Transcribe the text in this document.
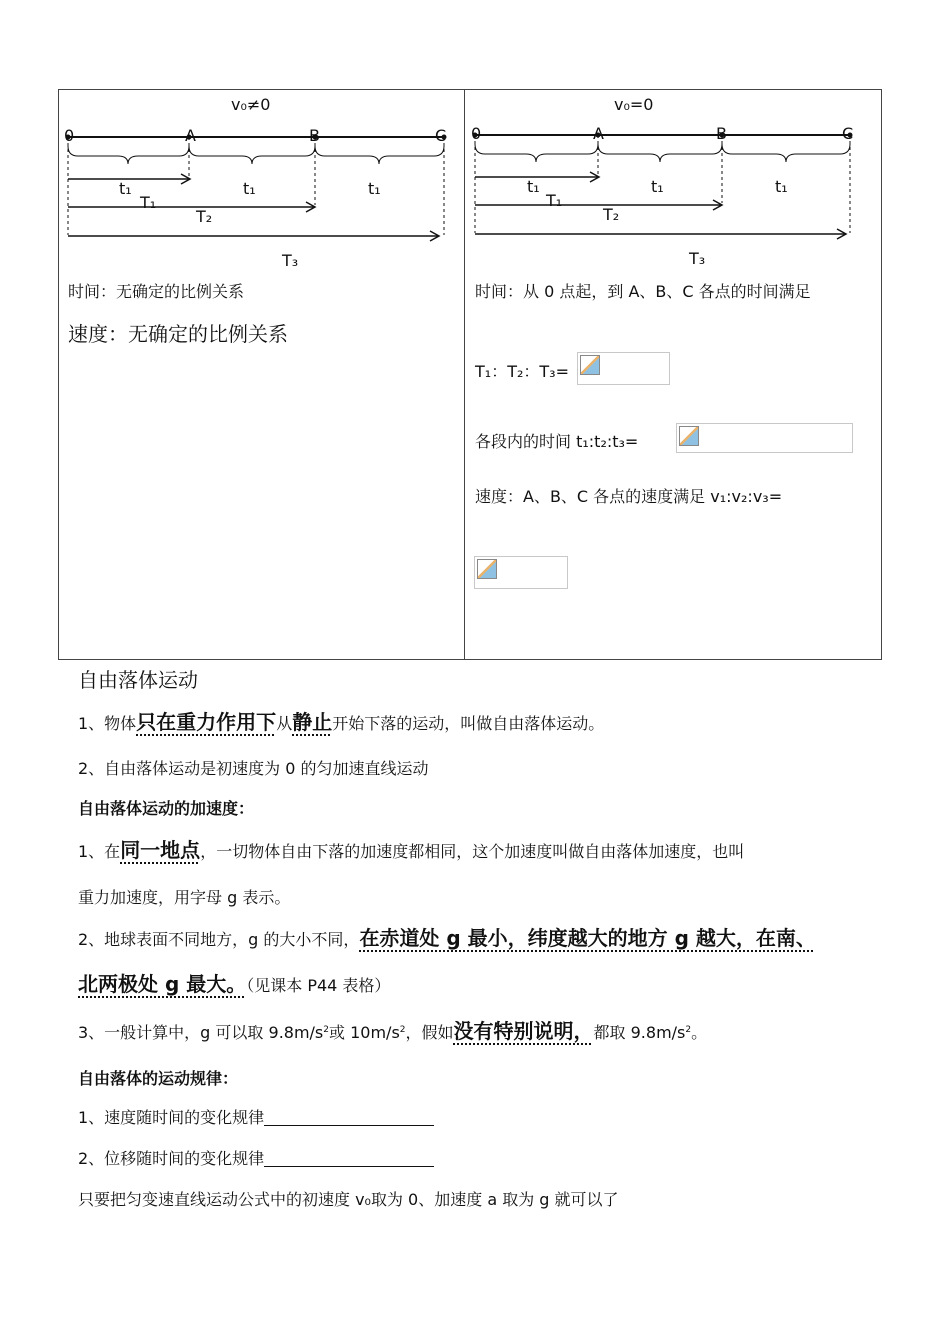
v₀≠0
0	A	B	C
t₁	t₁	t₁
T₁
T₂
T₃
时间：无确定的比例关系
速度：无确定的比例关系
v₀=0
0	A	B	C
t₁	t₁	t₁
T₁
T₂
T₃
时间：从 0 点起，到 A、B、C 各点的时间满足
T₁：T₂：T₃=
各段内的时间 t₁:t₂:t₃=
速度：A、B、C 各点的速度满足 v₁:v₂:v₃=
自由落体运动
1、物体只在重力作用下从静止开始下落的运动，叫做自由落体运动。
2、自由落体运动是初速度为 0 的匀加速直线运动
自由落体运动的加速度：
1、在同一地点，一切物体自由下落的加速度都相同，这个加速度叫做自由落体加速度，也叫
重力加速度，用字母 g 表示。
2、地球表面不同地方，g 的大小不同，在赤道处 g 最小，纬度越大的地方 g 越大，在南、
北两极处 g 最大。（见课本 P44 表格）
3、一般计算中，g 可以取 $9.8m/s^2$或 $10m/s^2$，假如没有特别说明，都取 $9.8m/s^2$。
自由落体的运动规律：
1、速度随时间的变化规律
2、位移随时间的变化规律
只要把匀变速直线运动公式中的初速度 v₀取为 0、加速度 a 取为 g 就可以了
